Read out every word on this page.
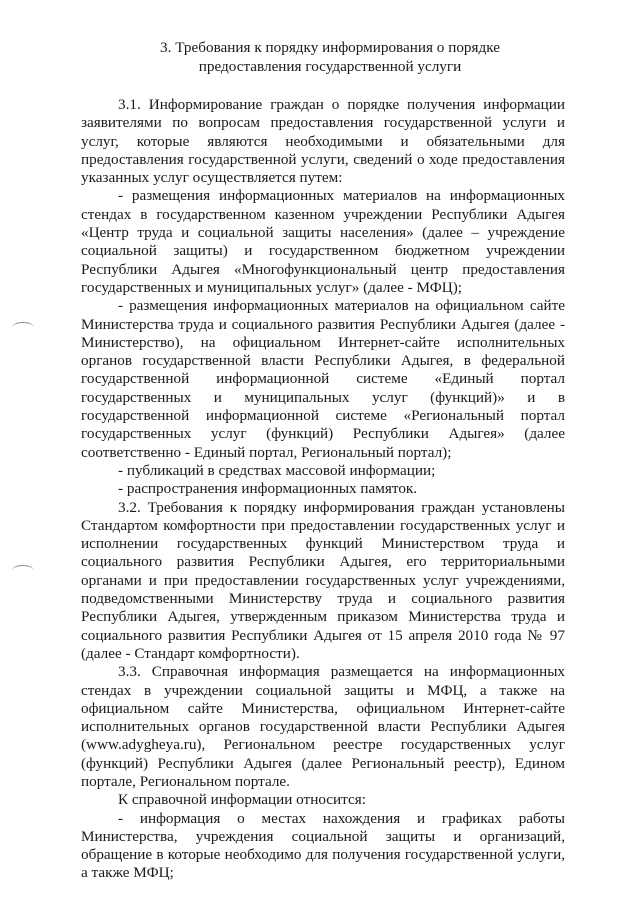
3. Требования к порядку информирования о порядке
предоставления государственной услуги
3.1. Информирование граждан о порядке получения информации заявителями по вопросам предоставления государственной услуги и услуг, которые являются необходимыми и обязательными для предоставления государственной услуги, сведений о ходе предоставления указанных услуг осуществляется путем:
- размещения информационных материалов на информационных стендах в государственном казенном учреждении Республики Адыгея «Центр труда и социальной защиты населения» (далее – учреждение социальной защиты) и государственном бюджетном учреждении Республики Адыгея «Многофункциональный центр предоставления государственных и муниципальных услуг» (далее - МФЦ);
- размещения информационных материалов на официальном сайте Министерства труда и социального развития Республики Адыгея (далее - Министерство), на официальном Интернет-сайте исполнительных органов государственной власти Республики Адыгея, в федеральной государственной информационной системе «Единый портал государственных и муниципальных услуг (функций)» и в государственной информационной системе «Региональный портал государственных услуг (функций) Республики Адыгея» (далее соответственно - Единый портал, Региональный портал);
- публикаций в средствах массовой информации;
- распространения информационных памяток.
3.2. Требования к порядку информирования граждан установлены Стандартом комфортности при предоставлении государственных услуг и исполнении государственных функций Министерством труда и социального развития Республики Адыгея, его территориальными органами и при предоставлении государственных услуг учреждениями, подведомственными Министерству труда и социального развития Республики Адыгея, утвержденным приказом Министерства труда и социального развития Республики Адыгея от 15 апреля 2010 года № 97 (далее - Стандарт комфортности).
3.3. Справочная информация размещается на информационных стендах в учреждении социальной защиты и МФЦ, а также на официальном сайте Министерства, официальном Интернет-сайте исполнительных органов государственной власти Республики Адыгея (www.adygheya.ru), Региональном реестре государственных услуг (функций) Республики Адыгея (далее Региональный реестр), Едином портале, Региональном портале.
К справочной информации относится:
- информация о местах нахождения и графиках работы Министерства, учреждения социальной защиты и организаций, обращение в которые необходимо для получения государственной услуги, а также МФЦ;
